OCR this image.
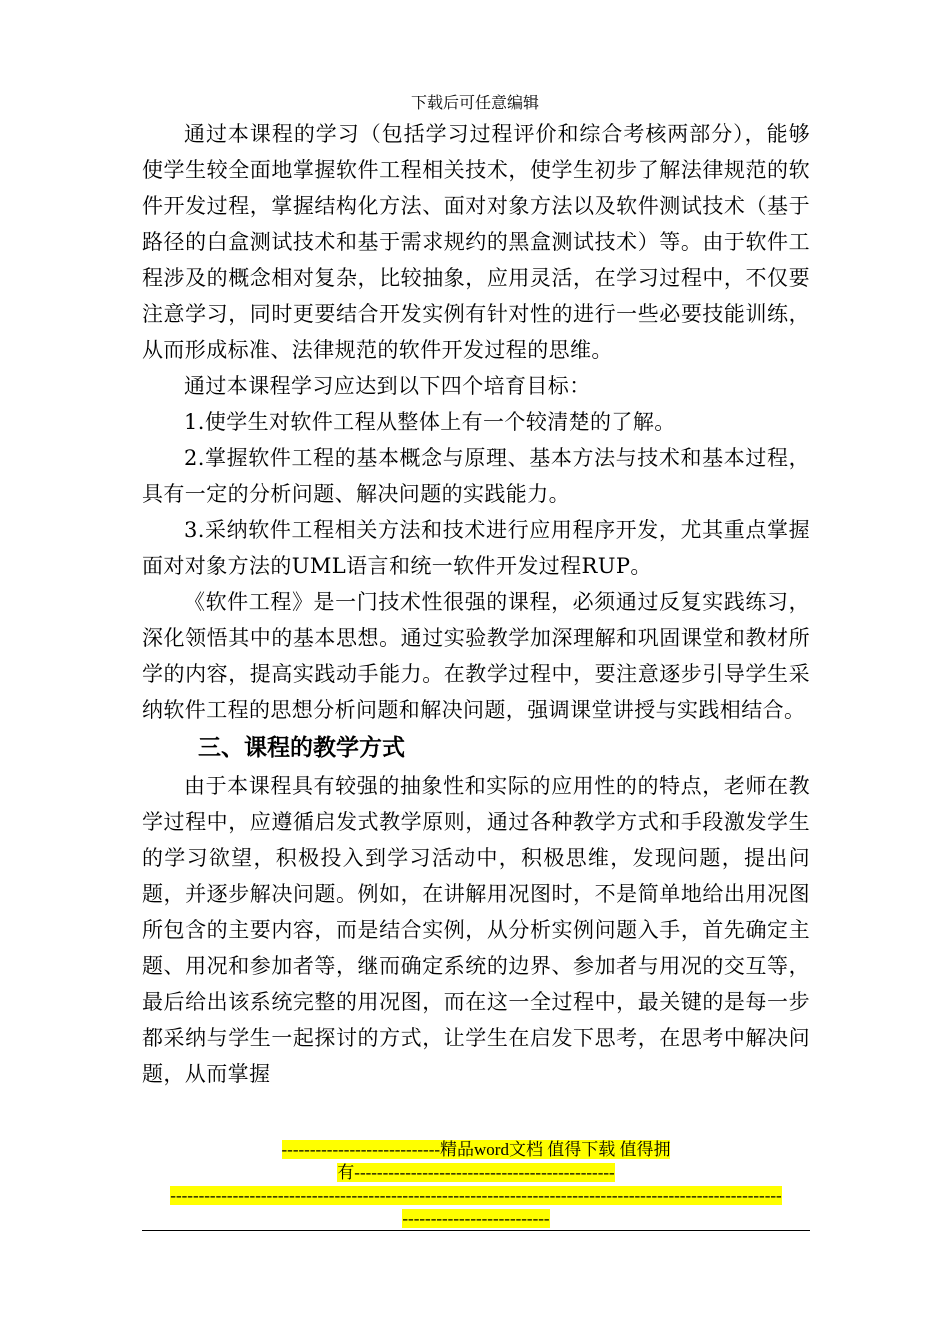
下载后可任意编辑

通过本课程的学习（包括学习过程评价和综合考核两部分），能够使学生较全面地掌握软件工程相关技术，使学生初步了解法律规范的软件开发过程，掌握结构化方法、面对对象方法以及软件测试技术（基于路径的白盒测试技术和基于需求规约的黑盒测试技术）等。由于软件工程涉及的概念相对复杂，比较抽象，应用灵活，在学习过程中，不仅要注意学习，同时更要结合开发实例有针对性的进行一些必要技能训练，从而形成标准、法律规范的软件开发过程的思维。

通过本课程学习应达到以下四个培育目标：

1.使学生对软件工程从整体上有一个较清楚的了解。

2.掌握软件工程的基本概念与原理、基本方法与技术和基本过程，具有一定的分析问题、解决问题的实践能力。

3.采纳软件工程相关方法和技术进行应用程序开发，尤其重点掌握面对对象方法的UML语言和统一软件开发过程RUP。

《软件工程》是一门技术性很强的课程，必须通过反复实践练习，深化领悟其中的基本思想。通过实验教学加深理解和巩固课堂和教材所学的内容，提高实践动手能力。在教学过程中，要注意逐步引导学生采纳软件工程的思想分析问题和解决问题，强调课堂讲授与实践相结合。

三、课程的教学方式

由于本课程具有较强的抽象性和实际的应用性的的特点，老师在教学过程中，应遵循启发式教学原则，通过各种教学方式和手段激发学生的学习欲望，积极投入到学习活动中，积极思维，发现问题，提出问题，并逐步解决问题。例如，在讲解用况图时，不是简单地给出用况图所包含的主要内容，而是结合实例，从分析实例问题入手，首先确定主题、用况和参加者等，继而确定系统的边界、参加者与用况的交互等，最后给出该系统完整的用况图，而在这一全过程中，最关键的是每一步都采纳与学生一起探讨的方式，让学生在启发下思考，在思考中解决问题，从而掌握

----------------------------精品word文档 值得下载 值得拥
有----------------------------------------------
------------------------------------------------------------------------------------------------------------
--------------------------
